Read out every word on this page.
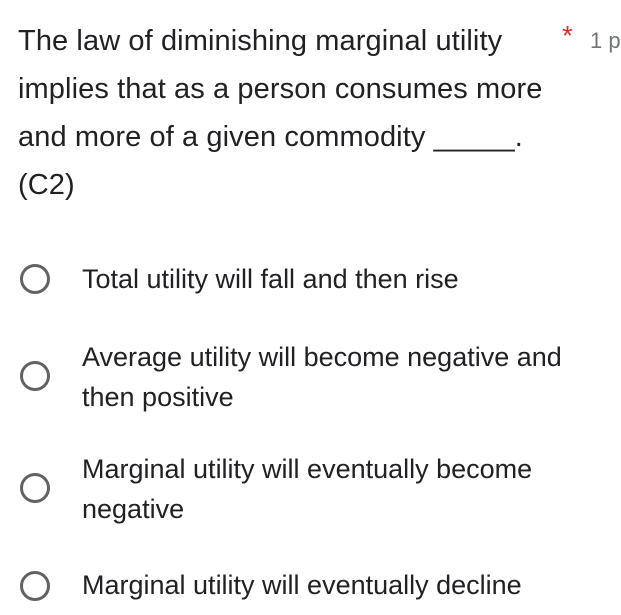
The law of diminishing marginal utility implies that as a person consumes more and more of a given commodity _____. (C2)
* 1 p
Total utility will fall and then rise
Average utility will become negative and then positive
Marginal utility will eventually become negative
Marginal utility will eventually decline
